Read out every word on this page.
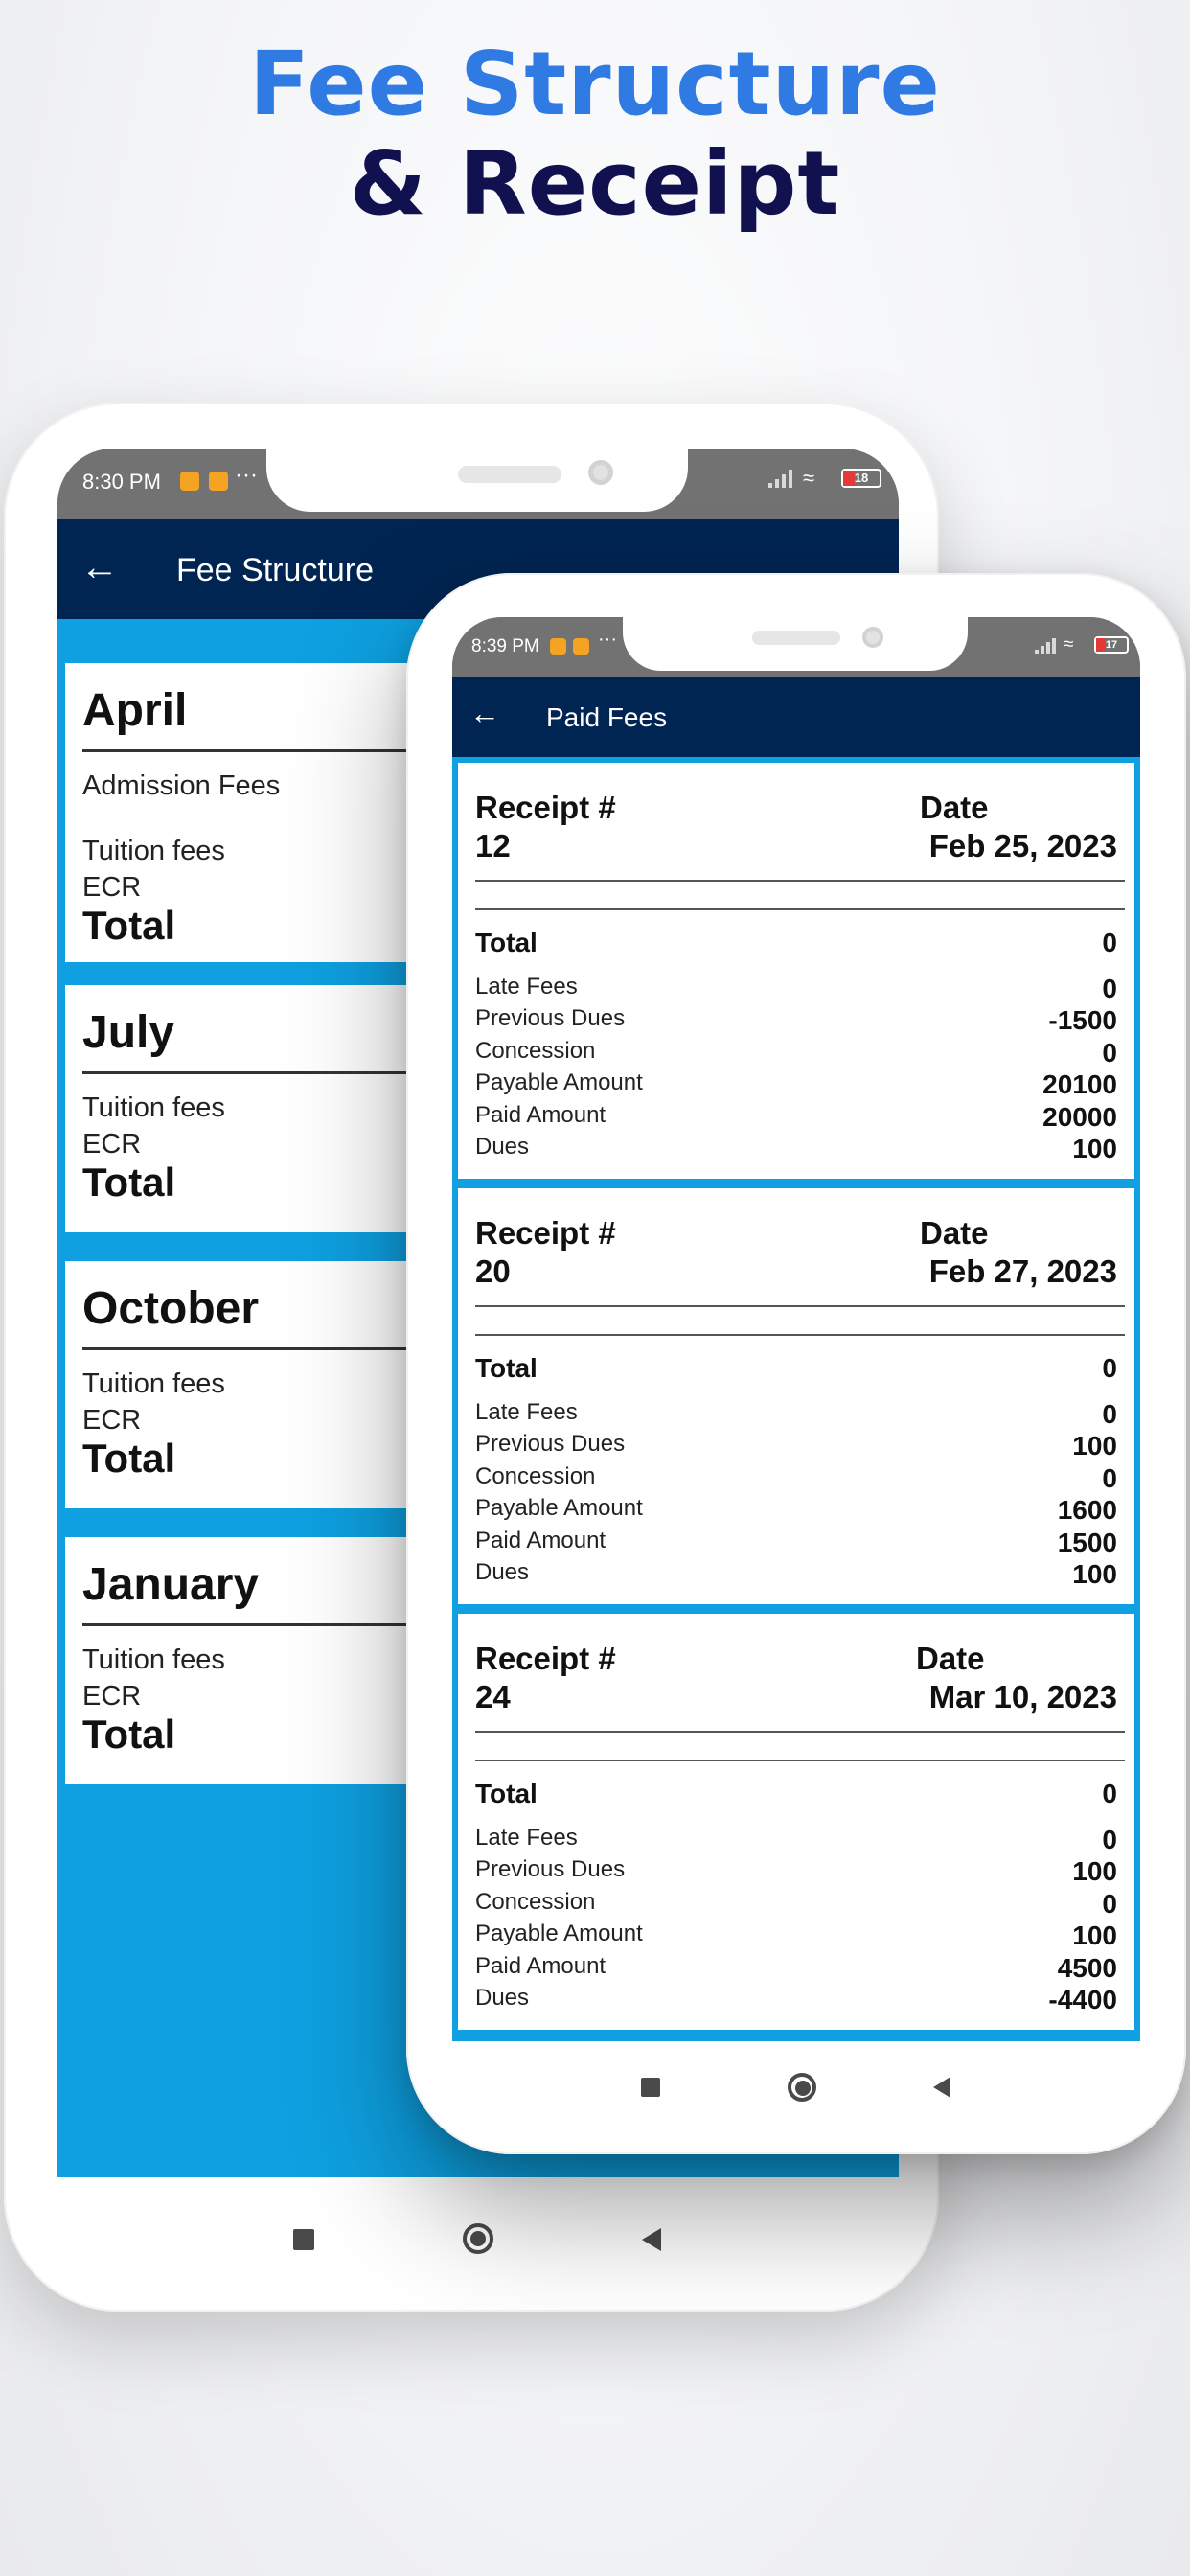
Fee Structure
& Receipt
8:30 PM	···	≈	18
← Fee Structure
April
Admission Fees
Tuition fees
ECR
Total
July
Tuition fees
ECR
Total
October
Tuition fees
ECR
Total
January
Tuition fees
ECR
Total
8:39 PM	···	≈	17
← Paid Fees
Receipt #
12
Date
Feb 25, 2023
Total	0
Late Fees	0
Previous Dues	-1500
Concession	0
Payable Amount	20100
Paid Amount	20000
Dues	100
Receipt #
20
Date
Feb 27, 2023
Total	0
Late Fees	0
Previous Dues	100
Concession	0
Payable Amount	1600
Paid Amount	1500
Dues	100
Receipt #
24
Date
Mar 10, 2023
Total	0
Late Fees	0
Previous Dues	100
Concession	0
Payable Amount	100
Paid Amount	4500
Dues	-4400
